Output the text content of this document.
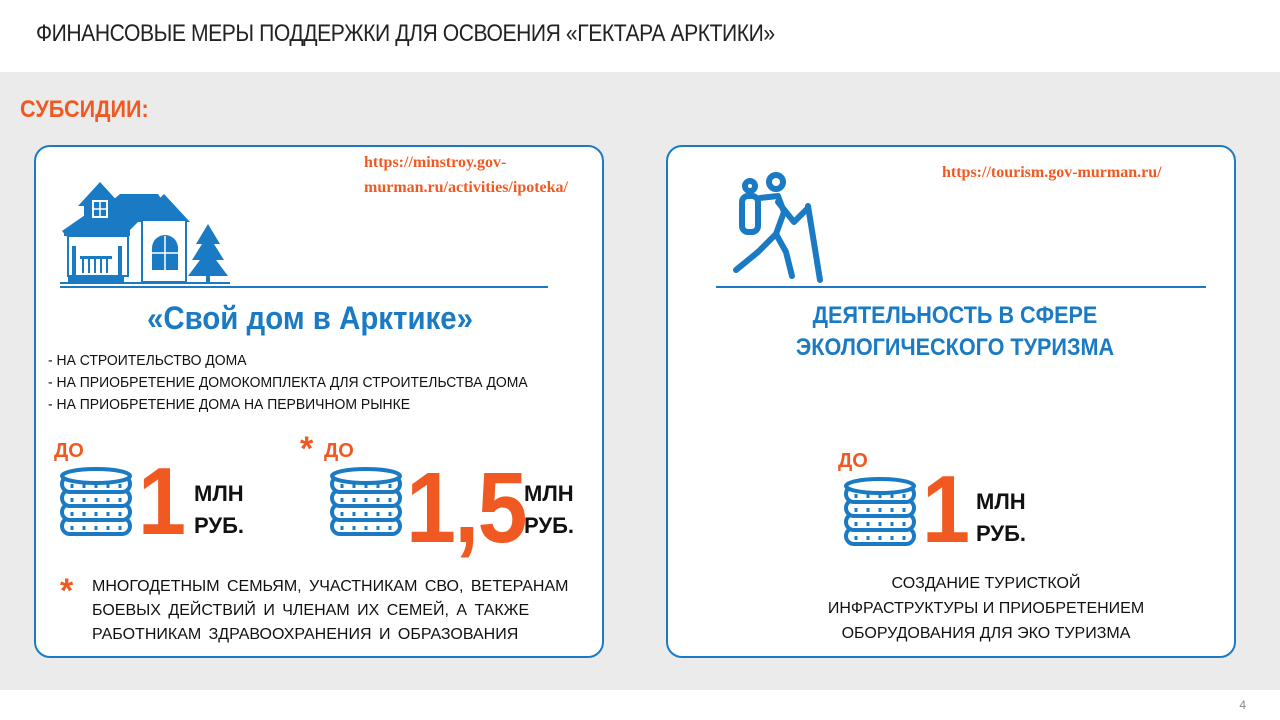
ФИНАНСОВЫЕ МЕРЫ ПОДДЕРЖКИ ДЛЯ ОСВОЕНИЯ «ГЕКТАРА АРКТИКИ»
СУБСИДИИ:
https://minstroy.gov-
murman.ru/activities/ipoteka/
«Свой дом в Арктике»
- НА СТРОИТЕЛЬСТВО ДОМА
- НА ПРИОБРЕТЕНИЕ ДОМОКОМПЛЕКТА ДЛЯ СТРОИТЕЛЬСТВА ДОМА
- НА ПРИОБРЕТЕНИЕ ДОМА НА ПЕРВИЧНОМ РЫНКЕ
ДО 1 МЛН
РУБ.
* ДО
1,5
МЛН
РУБ.
* МНОГОДЕТНЫМ СЕМЬЯМ, УЧАСТНИКАМ СВО, ВЕТЕРАНАМ
БОЕВЫХ ДЕЙСТВИЙ И ЧЛЕНАМ ИХ СЕМЕЙ, А ТАКЖЕ
РАБОТНИКАМ ЗДРАВООХРАНЕНИЯ И ОБРАЗОВАНИЯ
https://tourism.gov-murman.ru/
ДЕЯТЕЛЬНОСТЬ В СФЕРЕ
ЭКОЛОГИЧЕСКОГО ТУРИЗМА
ДО 1 МЛН
РУБ.
СОЗДАНИЕ ТУРИСТКОЙ
ИНФРАСТРУКТУРЫ И ПРИОБРЕТЕНИЕМ
ОБОРУДОВАНИЯ ДЛЯ ЭКО ТУРИЗМА
4
